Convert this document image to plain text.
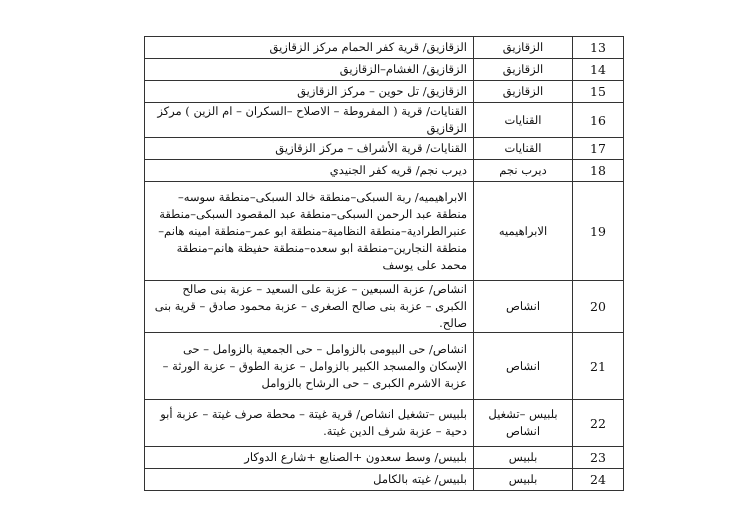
13	الزقازيق	الزقازيق/ قرية كفر الحمام مركز الزقازيق
14	الزقازيق	الزقازيق/ الغشام–الزقازيق
15	الزقازيق	الزقازيق/ تل حوين – مركز الزقازيق
16	القنايات	القنايات/ قرية ( المفروطة – الاصلاح –السكران – ام الزين ) مركز الزقازيق
17	القنايات	القنايات/ قرية الأشراف – مركز الزقازيق
18	ديرب نجم	ديرب نجم/ قريه كفر الجنيدي
19	الابراهيميه	الابراهيميه/ ربة السبكى–منطقة خالد السبكى–منطقة سوسه–منطقة عبد الرحمن السبكى–منطقة عبد المقصود السبكى–منطقة عنبرالطرادية–منطقة النظامية–منطقة ابو عمر–منطقة امينه هانم–منطقة النجارين–منطقة ابو سعده–منطقة حفيظة هانم–منطقة محمد على يوسف
20	انشاص	انشاص/ عزبة السبعين – عزبة على السعيد – عزبة بنى صالح الكبرى – عزبة بنى صالح الصغرى – عزبة محمود صادق – قرية بنى صالح.
21	انشاص	انشاص/ حى البيومى بالزوامل – حى الجمعية بالزوامل – حى الإسكان والمسجد الكبير بالزوامل – عزبة الطوق – عزبة الورثة – عزبة الاشرم الكبرى – حى الرشاح بالزوامل
22	بلبيس –تشغيل انشاص	بلبيس –تشغيل انشاص/ قرية غيتة – محطة صرف غيتة – عزبة أبو دحية – عزبة شرف الدين غيتة.
23	بلبيس	بلبيس/ وسط سعدون +الصنايع +شارع الدوكار
24	بلبيس	بلبيس/ غيته بالكامل
